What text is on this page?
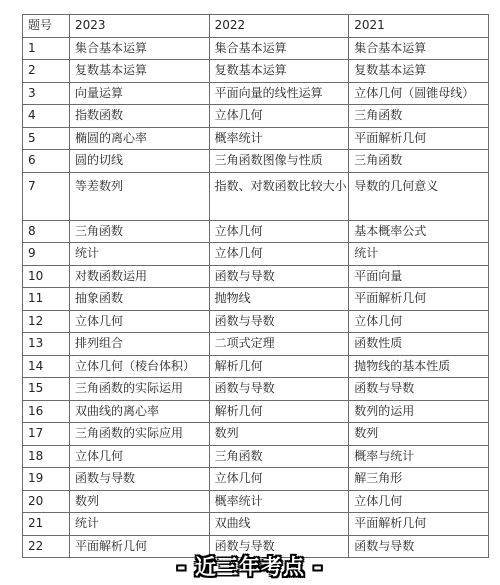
题号	2023	2022	2021
1	集合基本运算	集合基本运算	集合基本运算
2	复数基本运算	复数基本运算	复数基本运算
3	向量运算	平面向量的线性运算	立体几何（圆锥母线）
4	指数函数	立体几何	三角函数
5	椭圆的离心率	概率统计	平面解析几何
6	圆的切线	三角函数图像与性质	三角函数
7	等差数列	指数、对数函数比较大小	导数的几何意义
8	三角函数	立体几何	基本概率公式
9	统计	立体几何	统计
10	对数函数运用	函数与导数	平面向量
11	抽象函数	抛物线	平面解析几何
12	立体几何	函数与导数	立体几何
13	排列组合	二项式定理	函数性质
14	立体几何（棱台体积）	解析几何	抛物线的基本性质
15	三角函数的实际运用	函数与导数	函数与导数
16	双曲线的离心率	解析几何	数列的运用
17	三角函数的实际应用	数列	数列
18	立体几何	三角函数	概率与统计
19	函数与导数	立体几何	解三角形
20	数列	概率统计	立体几何
21	统计	双曲线	平面解析几何
22	平面解析几何	函数与导数	函数与导数
- 近三年考点 -
